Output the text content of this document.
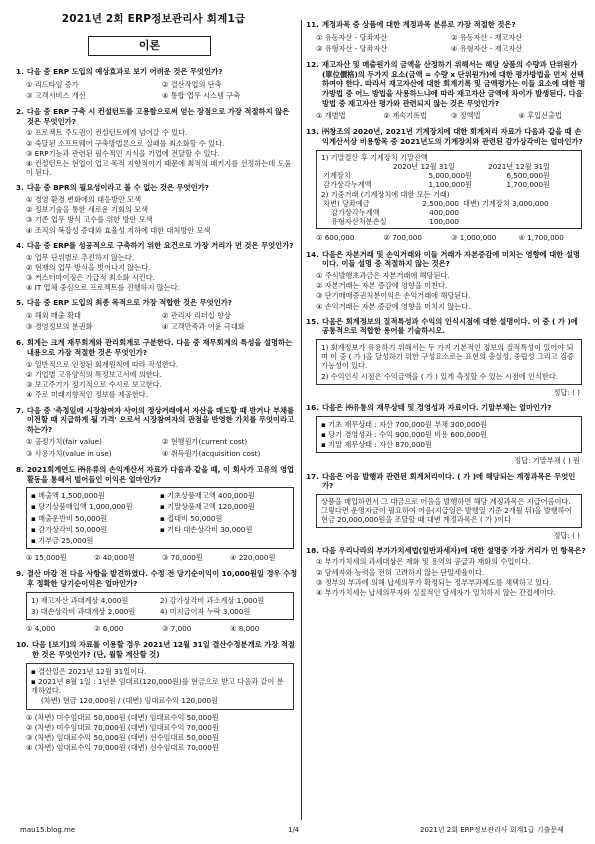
2021년 2회 ERP정보관리사 회계1급
이론
1. 다음 중 ERP 도입의 예상효과로 보기 어려운 것은 무엇인가?
① 리드타임 증가	② 결산작업의 단축
③ 고객서비스 개선	④ 통합 업무 시스템 구축
2. 다음 중 ERP 구축 시 컨설턴트를 고용함으로써 얻는 장점으로 가장 적절하지 않은 것은 무엇인가?
① 프로젝트 주도권이 컨설턴트에게 넘어갈 수 있다.
② 숙달된 소프트웨어 구축방법론으로 실패를 최소화할 수 있다.
③ ERP기능과 관련된 필수적인 지식을 기업에 전달할 수 있다.
④ 컨설턴트는 현업이 업고 목적 지향적이기 때문에 최적의 패키지를 선정하는데 도움이 된다.
3. 다음 중 BPR의 필요성이라고 볼 수 없는 것은 무엇인가?
① 경영 환경 변화에의 대응방안 모색
② 정보기술을 통한 새로운 기회의 모색
③ 기존 업무 방식 고수를 위한 방안 모색
④ 조직의 복잡성 증대와 효율성 저하에 대한 대처방안 모색
4. 다음 중 ERP를 성공적으로 구축하기 위한 요건으로 가장 거리가 먼 것은 무엇인가?
① 업무 단위별로 추진하지 않는다.
② 현재의 업무 방식을 벗어나지 않는다.
③ 커스터마이징은 가급적 최소화 시킨다.
④ IT 업체 중심으로 프로젝트를 진행하지 않는다.
5. 다음 중 ERP 도입의 최종 목적으로 가장 적합한 것은 무엇인가?
① 해외 매출 확대	② 관리자 리더십 향상
③ 경영정보의 분권화	④ 고객만족과 이윤 극대화
6. 회계는 크게 재무회계와 관리회계로 구분한다. 다음 중 재무회계의 특성을 설명하는 내용으로 가장 적절한 것은 무엇인가?
① 일반적으로 인정된 회계원칙에 따라 작성한다.
② 기업별 고유양식의 특정보고서에 의한다.
③ 보고주기가 정기적으로 수시로 보고한다.
④ 주로 미래지향적인 정보를 제공한다.
7. 다음 중 '측정일에 시장참여자 사이의 정상거래에서 자산을 매도할 때 받거나 부채를 이전할 때 지급하게 될 가격' 으로서 시장참여자의 관점을 반영한 가치를 무엇이라고 하는가?
① 공정가치(fair value)	② 현행원가(current cost)
③ 사용가치(value in use)	④ 취득원가(acquisition cost)
8. 2021회계연도 ㈜유류의 손익계산서 자료가 다음과 같을 때, 이 회사가 고유의 영업활동을 통해서 벌어들인 이익은 얼마인가?
▪ 매출액 1,500,000원	▪ 기초상품재고액 400,000원
▪ 당기상품매입액 1,000,000원	▪ 기말상품재고액 120,000원
▪ 매출운반비 50,000원	▪ 접대비 50,000원
▪ 감가상각비 50,000원	▪ 기타 대손상각비 30,000원
▪ 기부금 25,000원
① 15,000원	② 40,000원	③ 70,000원	④ 220,000원
9. 결산 마감 전 다음 사항을 발견하였다. 수정 전 당기순이익이 10,000원일 경우 수정 후 정확한 당기순이익은 얼마인가?
1) 재고자산 과대계상 4,000원	2) 감가상각비 과소계상 1,000원
3) 대손상각비 과대계상 2,000원	4) 미지급이자 누락 3,000원
① 4,000	② 6,000	③ 7,000	④ 8,000
10. 다음 [보기]의 자료를 이용할 경우 2021년 12월 31일 결산수정분개로 가장 적절한 것은 무엇인가? (단, 월할 계산할 것)
▪ 결산일은 2021년 12월 31일이다.
▪ 2021년 8월 1일 : 1년분 임대료(120,000원)를 현금으로 받고 다음과 같이 분개하였다.
(차변) 현금 120,000원 / (대변) 임대료수익 120,000원
① (차변) 미수임대료 50,000원 (대변) 임대료수익 50,000원
② (차변) 미수임대료 70,000원 (대변) 임대료수익 70,000원
③ (차변) 임대료수익 50,000원 (대변) 선수임대료 50,000원
④ (차변) 임대료수익 70,000원 (대변) 선수임대료 70,000원
11. 계정과목 중 상품에 대한 계정과목 분류로 가장 적절한 것은?
① 유동자산 - 당좌자산	② 유동자산 - 재고자산
③ 유형자산 - 당좌자산	④ 유형자산 - 재고자산
12. 재고자산 및 매출원가의 금액을 산정하기 위해서는 해당 상품의 수량과 단위원가(單位價格)의 두가지 요소(금액 = 수량 x 단위원가)에 대한 평가방법을 먼저 선택하여야 한다. 따라서 재고자산에 대한 회계기록 및 금액평가는 이들 요소에 대한 평가방법 중 어느 방법을 사용하느냐에 따라 재고자산 금액에 차이가 발생된다. 다음 방법 중 재고자산 평가와 관련되지 않는 것은 무엇인가?
① 개별법	② 계속기록법	③ 정액법	④ 후입선출법
13. ㈜창조의 2020년, 2021년 기계장치에 대한 회계처리 자료가 다음과 같을 때 손익계산서상 비용항목 중 2021년도의 기계장치와 관련된 감가상각비는 얼마인가?
1) 기말결산 후 기계장치 기말잔액
	2020년 12월 31일	2021년 12월 31일
기계장치	5,000,000원	6,500,000원
감가상각누계액	1,100,000원	1,700,000원
2) 기중거래 (기계장치에 대한 모든 거래)
차변) 당좌예금	2,500,000	대변) 기계장치 3,000,000
감가상각누계액	400,000	
유형자산처분손실	100,000	
① 600,000	② 700,000	③ 1,000,000	④ 1,700,000
14. 다음은 자본거래 및 손익거래와 이들 거래가 자본증감에 미치는 영향에 대한 설명이다. 이들 설명 중 적절하지 않는 것은?
① 주식발행초과금은 자본거래에 해당된다.
② 자본거래는 자본 증감에 영향을 미친다.
③ 단기매매증권처분이익은 손익거래에 해당된다.
④ 손익거래는 자본 증감에 영향을 미치지 않는다.
15. 다음은 회계정보의 질적특성과 수익의 인식시점에 대한 설명이다. 이 중 ( 가 )에 공통적으로 적합한 용어를 기술하시오.
1) 회계정보가 유용하기 위해서는 두 가지 기본적인 정보의 질적특성이 있어야 되며 이 중 ( 가 )을 달성하기 위한 구성요소로는 표현의 충실성, 중립성 그리고 검증가능성이 있다.
2) 수익인식 시점은 수익금액을 ( 가 ) 있게 측정할 수 있는 시점에 인식한다.
정답: ( )
16. 다음은 ㈜유통의 재무상태 및 경영성과 자료이다. 기말부채는 얼마인가?
▪ 기초 재무상태 : 자산 700,000원 부채 300,000원
▪ 당기 경영성과 : 수익 900,000원 비용 600,000원
▪ 기말 재무상태 : 자산 870,000원
정답: 기말부채 ( ) 원
17. 다음은 어음 발행과 관련된 회계처리이다. ( 가 )에 해당되는 계정과목은 무엇인가?
상품을 매입하면서 그 대금으로 어음을 발행하면 해당 계정과목은 지급어음이다. 그렇다면 운영자금이 필요하여 어음(지급일은 발행일 기준 2개월 뒤)을 발행하여 현금 20,000,000원을 조달할 때 대변 계정과목은 ( 가 )이다
정답: ( )
18. 다음 우리나라의 부가가치세법(일반과세자)에 대한 설명중 가장 거리가 먼 항목은?
① 부가가치세의 과세대상은 재화 및 용역의 공급과 재화의 수입이다.
② 담세자와 능력을 전혀 고려하지 않는 단일세율이다.
③ 정부의 부과에 의해 납세의무가 확정되는 정부부과제도를 채택하고 있다.
④ 부가가치세는 납세의무자와 실질적인 담세자가 일치하지 않는 간접세이다.
mau15.blog.me	1/4	2021년 2회 ERP정보관리사 회계1급 기출문제
